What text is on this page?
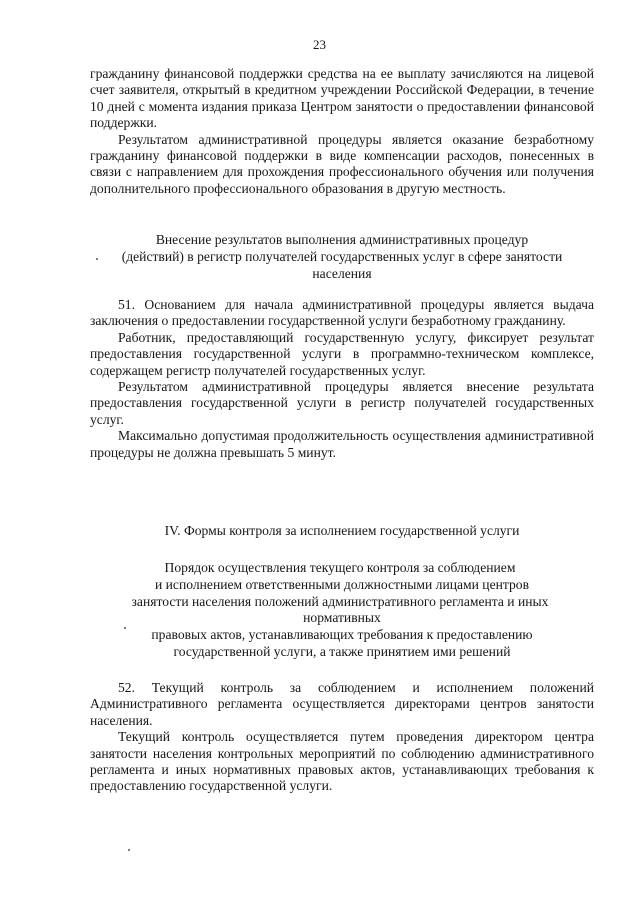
23

гражданину финансовой поддержки средства на ее выплату зачисляются на лицевой счет заявителя, открытый в кредитном учреждении Российской Федерации, в течение 10 дней с момента издания приказа Центром занятости о предоставлении финансовой поддержки.

Результатом административной процедуры является оказание безработному гражданину финансовой поддержки в виде компенсации расходов, понесенных в связи с направлением для прохождения профессионального обучения или получения дополнительного профессионального образования в другую местность.

Внесение результатов выполнения административных процедур

(действий) в регистр получателей государственных услуг в сфере занятости

населения

51. Основанием для начала административной процедуры является выдача заключения о предоставлении государственной услуги безработному гражданину.

Работник, предоставляющий государственную услугу, фиксирует результат предоставления государственной услуги в программно-техническом комплексе, содержащем регистр получателей государственных услуг.

Результатом административной процедуры является внесение результата предоставления государственной услуги в регистр получателей государственных услуг.

Максимально допустимая продолжительность осуществления административной процедуры не должна превышать 5 минут.

IV. Формы контроля за исполнением государственной услуги

Порядок осуществления текущего контроля за соблюдением

и исполнением ответственными должностными лицами центров

занятости населения положений административного регламента и иных

нормативных

правовых актов, устанавливающих требования к предоставлению

государственной услуги, а также принятием ими решений

52. Текущий контроль за соблюдением и исполнением положений Административного регламента осуществляется директорами центров занятости населения.

Текущий контроль осуществляется путем проведения директором центра занятости населения контрольных мероприятий по соблюдению административного регламента и иных нормативных правовых актов, устанавливающих требования к предоставлению государственной услуги.
